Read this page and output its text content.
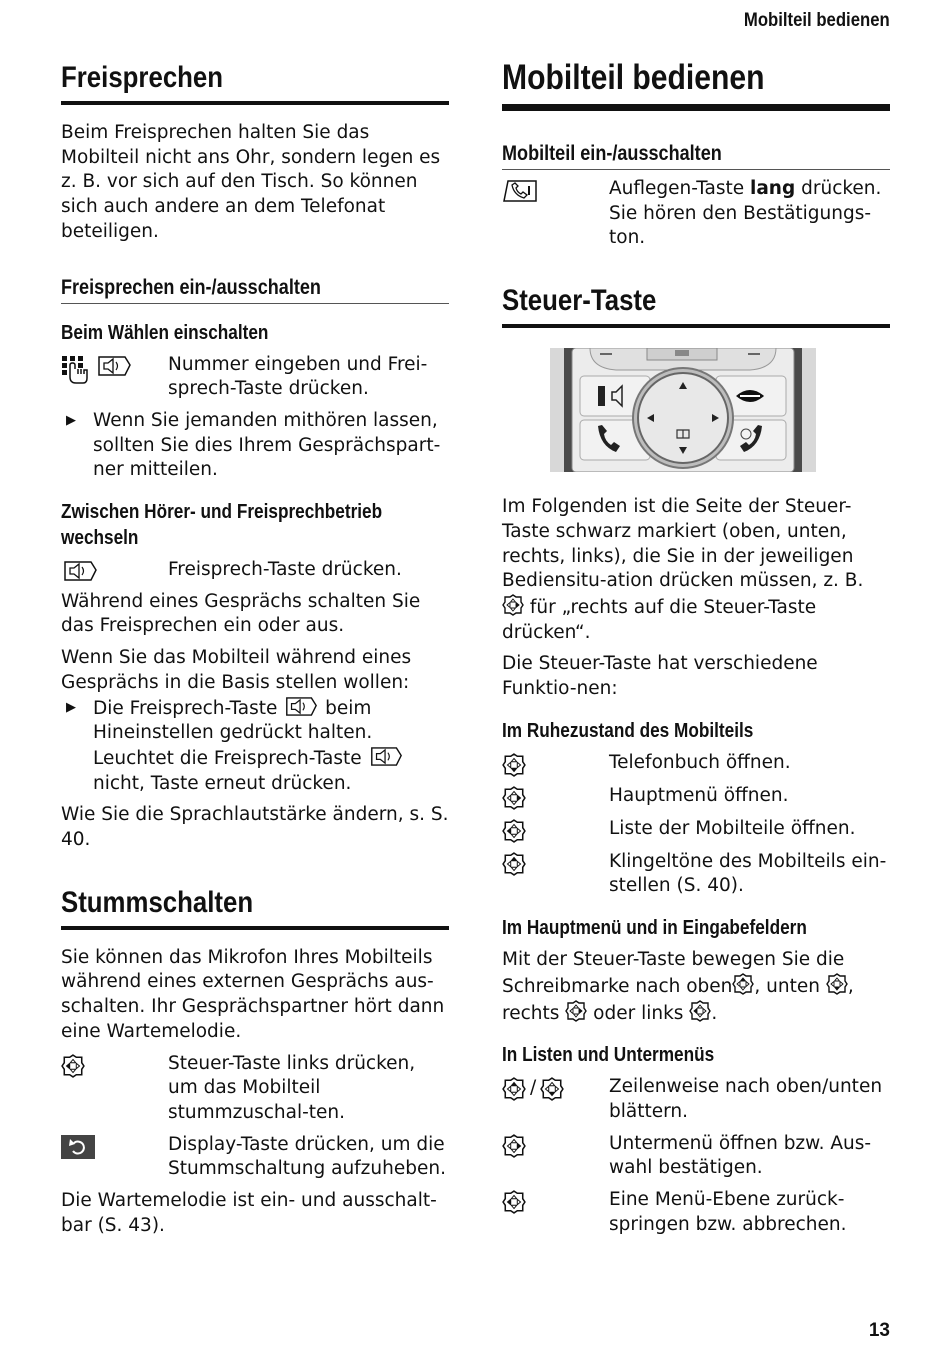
Mobilteil bedienen
Freisprechen

Beim Freisprechen halten Sie das Mobilteil nicht ans Ohr, sondern legen es z. B. vor sich auf den Tisch. So können sich auch andere an dem Telefonat beteiligen.

Freisprechen ein-/ausschalten
Beim Wählen einschalten
Nummer eingeben und Frei-sprech-Taste drücken.
▶ Wenn Sie jemanden mithören lassen, sollten Sie dies Ihrem Gesprächspart-ner mitteilen.
Zwischen Hörer- und Freisprechbetrieb
wechseln
Freisprech-Taste drücken.

Während eines Gesprächs schalten Sie das Freisprechen ein oder aus.

Wenn Sie das Mobilteil während eines Gesprächs in die Basis stellen wollen:

▶ Die Freisprech-Taste	beim Hineinstellen gedrückt halten. Leuchtet die Freisprech-Taste  nicht, Taste erneut drücken.

Wie Sie die Sprachlautstärke ändern, s. S. 40.

Stummschalten

Sie können das Mikrofon Ihres Mobilteils während eines externen Gesprächs aus-schalten. Ihr Gesprächspartner hört dann eine Wartemelodie.

Steuer-Taste links drücken, um das Mobilteil stummzuschal-ten.
Display-Taste drücken, um die Stummschaltung aufzuheben.

Die Wartemelodie ist ein- und ausschalt-bar (S. 43).

Mobilteil bedienen
Mobilteil ein-/ausschalten
Auflegen-Taste lang drücken. Sie hören den Bestätigungs-ton.
Steuer-Taste

Im Folgenden ist die Seite der Steuer-Taste schwarz markiert (oben, unten, rechts, links), die Sie in der jeweiligen Bediensitu-ation drücken müssen, z. B.  für „rechts auf die Steuer-Taste drücken“.

Die Steuer-Taste hat verschiedene Funktio-nen:

Im Ruhezustand des Mobilteils
Telefonbuch öffnen.
Hauptmenü öffnen.
Liste der Mobilteile öffnen.
Klingeltöne des Mobilteils ein-stellen (S. 40).
Im Hauptmenü und in Eingabefeldern

Mit der Steuer-Taste bewegen Sie die Schreibmarke nach oben , unten , rechts oder links .

In Listen und Untermenüs
/	Zeilenweise nach oben/unten blättern.
Untermenü öffnen bzw. Aus-wahl bestätigen.
Eine Menü-Ebene zurück-springen bzw. abbrechen.
13
